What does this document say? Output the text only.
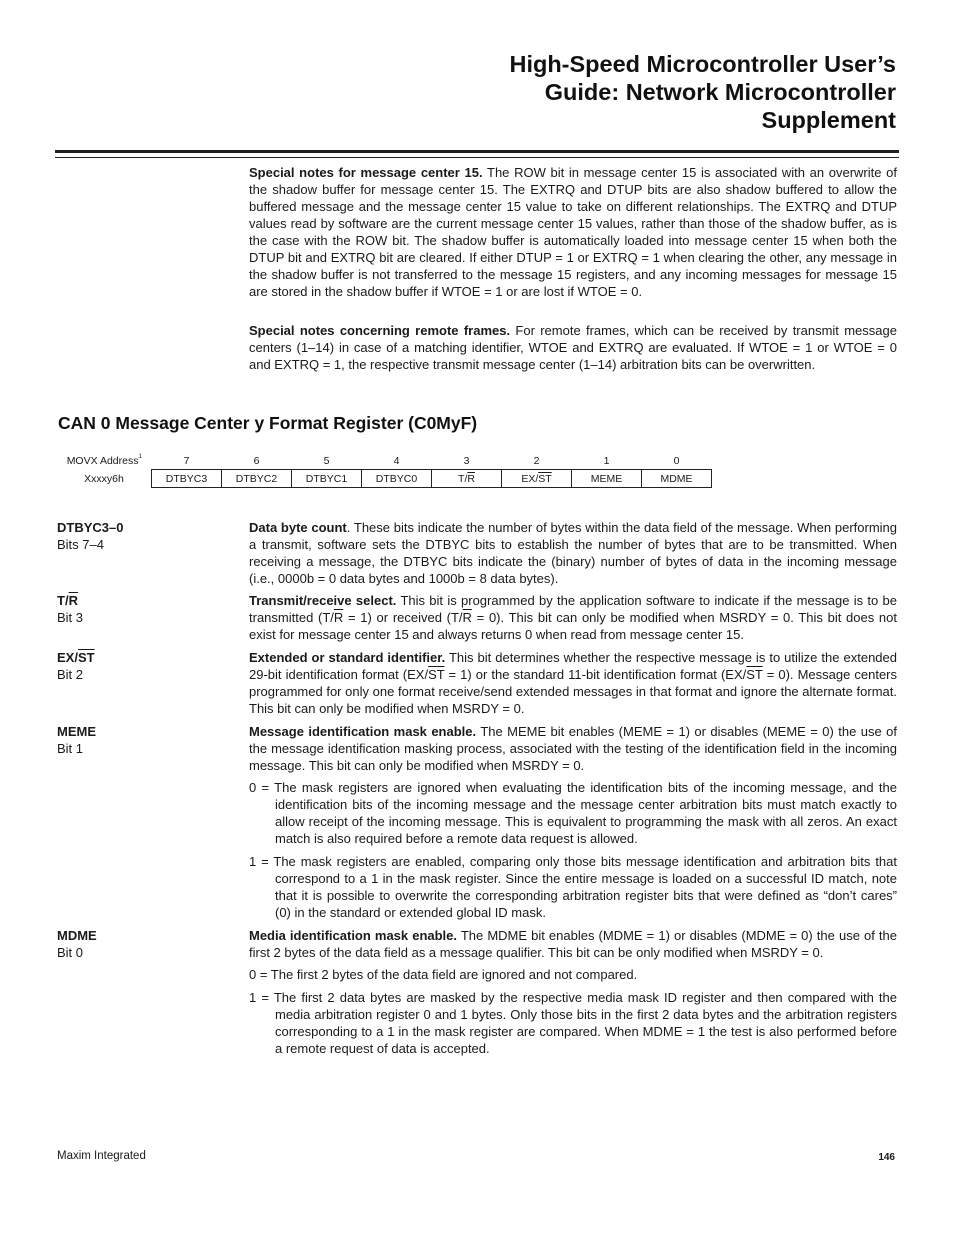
High-Speed Microcontroller User’s
Guide: Network Microcontroller
Supplement
Special notes for message center 15. The ROW bit in message center 15 is associated with an overwrite of the shadow buffer for message center 15. The EXTRQ and DTUP bits are also shadow buffered to allow the buffered message and the message center 15 value to take on different relationships. The EXTRQ and DTUP values read by software are the current message center 15 values, rather than those of the shadow buffer, as is the case with the ROW bit. The shadow buffer is automatically loaded into message center 15 when both the DTUP bit and EXTRQ bit are cleared. If either DTUP = 1 or EXTRQ = 1 when clearing the other, any message in the shadow buffer is not transferred to the message 15 registers, and any incoming messages for message 15 are stored in the shadow buffer if WTOE = 1 or are lost if WTOE = 0.
Special notes concerning remote frames. For remote frames, which can be received by transmit message centers (1–14) in case of a matching identifier, WTOE and EXTRQ are evaluated. If WTOE = 1 or WTOE = 0 and EXTRQ = 1, the respective transmit message center (1–14) arbitration bits can be overwritten.
CAN 0 Message Center y Format Register (C0MyF)
MOVX Address$^1$	7	6	5	4	3	2	1	0
Xxxxy6h	DTBYC3	DTBYC2	DTBYC1	DTBYC0	$T/\overline{R}$	$EX/\overline{ST}$	MEME	MDME
DTBYC3–0
Bits 7–4
Data byte count. These bits indicate the number of bytes within the data field of the message. When performing a transmit, software sets the DTBYC bits to establish the number of bytes that are to be transmitted. When receiving a message, the DTBYC bits indicate the (binary) number of bytes of data in the incoming message (i.e., 0000b = 0 data bytes and 1000b = 8 data bytes).
$T/\overline{R}$
Bit 3
Transmit/receive select. This bit is programmed by the application software to indicate if the message is to be transmitted $(T/\overline{R} = 1)$ or received $(T/\overline{R} = 0)$. This bit can only be modified when MSRDY = 0. This bit does not exist for message center 15 and always returns 0 when read from message center 15.
$EX/\overline{ST}$
Bit 2
Extended or standard identifier. This bit determines whether the respective message is to utilize the extended 29-bit identification format $(EX/\overline{ST} = 1)$ or the standard 11-bit identification format $(EX/\overline{ST} = 0)$. Message centers programmed for only one format receive/send extended messages in that format and ignore the alternate format. This bit can only be modified when MSRDY = 0.
MEME
Bit 1
Message identification mask enable. The MEME bit enables (MEME = 1) or disables (MEME = 0) the use of the message identification masking process, associated with the testing of the identification field in the incoming message. This bit can only be modified when MSRDY = 0.
0 = The mask registers are ignored when evaluating the identification bits of the incoming message, and the identification bits of the incoming message and the message center arbitration bits must match exactly to allow receipt of the incoming message. This is equivalent to programming the mask with all zeros. An exact match is also required before a remote data request is allowed.
1 = The mask registers are enabled, comparing only those bits message identification and arbitration bits that correspond to a 1 in the mask register. Since the entire message is loaded on a successful ID match, note that it is possible to overwrite the corresponding arbitration register bits that were defined as “don’t cares” (0) in the standard or extended global ID mask.
MDME
Bit 0
Media identification mask enable. The MDME bit enables (MDME = 1) or disables (MDME = 0) the use of the first 2 bytes of the data field as a message qualifier. This bit can be only modified when MSRDY = 0.
0 = The first 2 bytes of the data field are ignored and not compared.
1 = The first 2 data bytes are masked by the respective media mask ID register and then compared with the media arbitration register 0 and 1 bytes. Only those bits in the first 2 data bytes and the arbitration registers corresponding to a 1 in the mask register are compared. When MDME = 1 the test is also performed before a remote request of data is accepted.
Maxim Integrated	146
